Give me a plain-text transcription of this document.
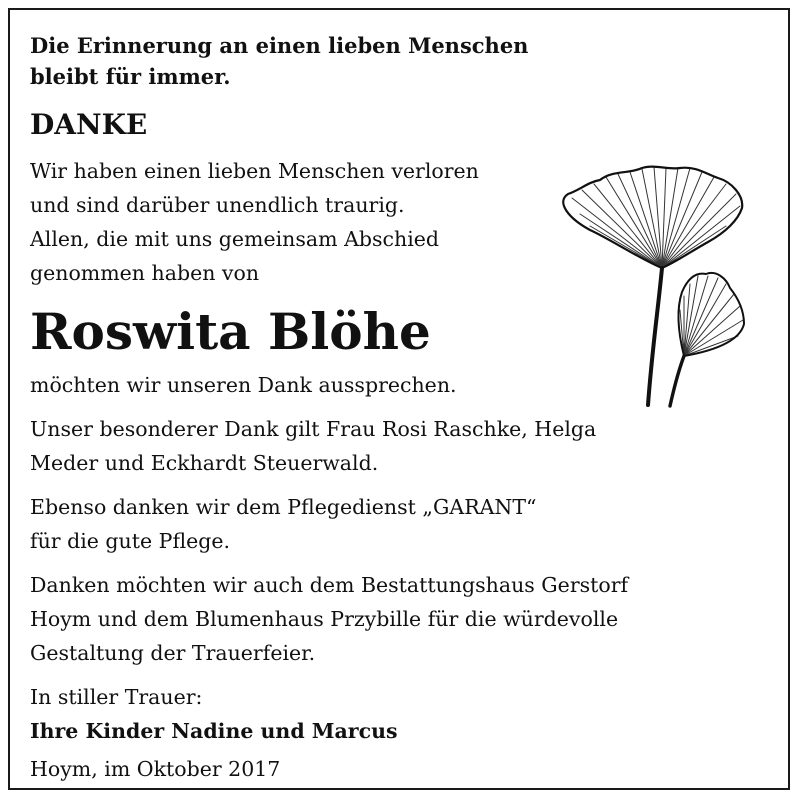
Die Erinnerung an einen lieben Menschen
bleibt für immer.

DANKE

Wir haben einen lieben Menschen verloren
und sind darüber unendlich traurig.
Allen, die mit uns gemeinsam Abschied
genommen haben von

Roswita Blöhe

möchten wir unseren Dank aussprechen.

Unser besonderer Dank gilt Frau Rosi Raschke, Helga
Meder und Eckhardt Steuerwald.

Ebenso danken wir dem Pflegedienst „GARANT“
für die gute Pflege.

Danken möchten wir auch dem Bestattungshaus Gerstorf
Hoym und dem Blumenhaus Przybille für die würdevolle
Gestaltung der Trauerfeier.

In stiller Trauer:

Ihre Kinder Nadine und Marcus

Hoym, im Oktober 2017
